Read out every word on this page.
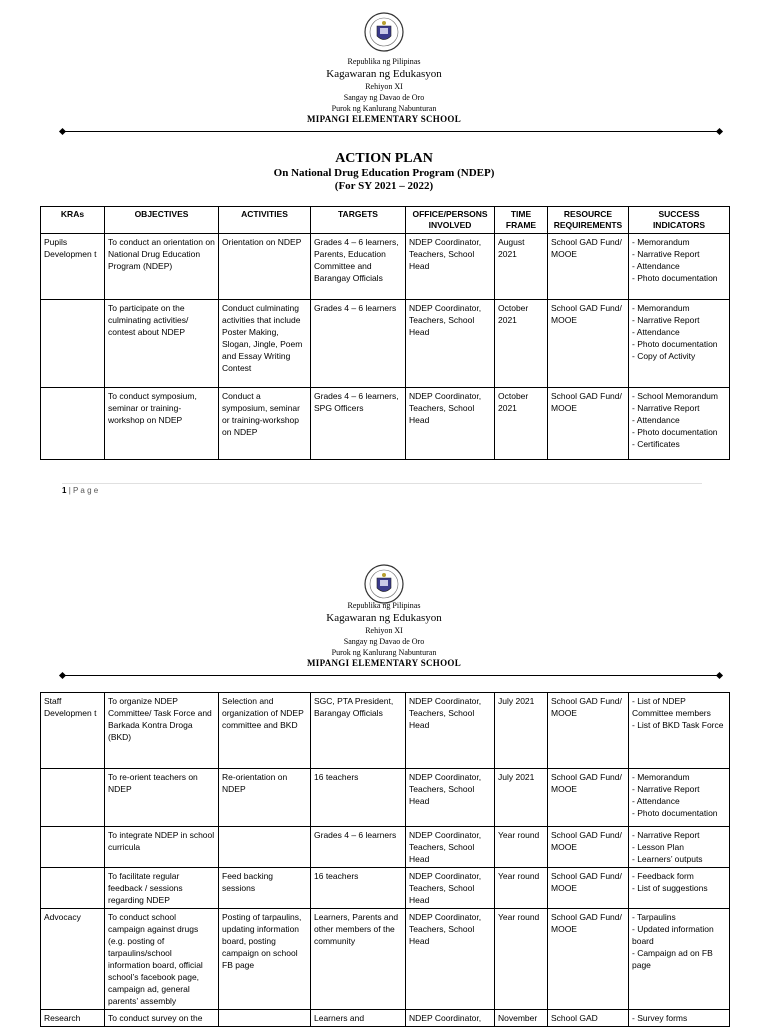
Republika ng Pilipinas
Kagawaran ng Edukasyon
Rehiyon XI
Sangay ng Davao de Oro
Purok ng Kanlurang Nabunturan
MIPANGI ELEMENTARY SCHOOL
ACTION PLAN
On National Drug Education Program (NDEP)
(For SY 2021 – 2022)
KRAs	OBJECTIVES	ACTIVITIES	TARGETS	OFFICE/PERSONS INVOLVED	TIME FRAME	RESOURCE REQUIREMENTS	SUCCESS INDICATORS
Pupils Developmen t	To conduct an orientation on National Drug Education Program (NDEP)	Orientation on NDEP	Grades 4 – 6 learners, Parents, Education Committee and Barangay Officials	NDEP Coordinator, Teachers, School Head	August 2021	School GAD Fund/ MOOE	- Memorandum
- Narrative Report
- Attendance
- Photo documentation
	To participate on the culminating activities/ contest about NDEP	Conduct culminating activities that include Poster Making, Slogan, Jingle, Poem and Essay Writing Contest	Grades 4 – 6 learners	NDEP Coordinator, Teachers, School Head	October 2021	School GAD Fund/ MOOE	- Memorandum
- Narrative Report
- Attendance
- Photo documentation
- Copy of Activity
	To conduct symposium, seminar or training-workshop on NDEP	Conduct a symposium, seminar or training-workshop on NDEP	Grades 4 – 6 learners, SPG Officers	NDEP Coordinator, Teachers, School Head	October 2021	School GAD Fund/ MOOE	- School Memorandum
- Narrative Report
- Attendance
- Photo documentation
- Certificates
1 | P a g e
Republika ng Pilipinas
Kagawaran ng Edukasyon
Rehiyon XI
Sangay ng Davao de Oro
Purok ng Kanlurang Nabunturan
MIPANGI ELEMENTARY SCHOOL
Staff Developmen t	To organize NDEP Committee/ Task Force and Barkada Kontra Droga (BKD)	Selection and organization of NDEP committee and BKD	SGC, PTA President, Barangay Officials	NDEP Coordinator, Teachers, School Head	July 2021	School GAD Fund/ MOOE	- List of NDEP Committee members
- List of BKD Task Force
	To re-orient teachers on NDEP	Re-orientation on NDEP	16 teachers	NDEP Coordinator, Teachers, School Head	July 2021	School GAD Fund/ MOOE	- Memorandum
- Narrative Report
- Attendance
- Photo documentation
	To integrate NDEP in school curricula		Grades 4 – 6 learners	NDEP Coordinator, Teachers, School Head	Year round	School GAD Fund/ MOOE	- Narrative Report
- Lesson Plan
- Learners’ outputs
	To facilitate regular feedback / sessions regarding NDEP	Feed backing sessions	16 teachers	NDEP Coordinator, Teachers, School Head	Year round	School GAD Fund/ MOOE	- Feedback form
- List of suggestions
Advocacy	To conduct school campaign against drugs (e.g. posting of tarpaulins/school information board, official school’s facebook page, campaign ad, general parents’ assembly	Posting of tarpaulins, updating information board, posting campaign on school FB page	Learners, Parents and other members of the community	NDEP Coordinator, Teachers, School Head	Year round	School GAD Fund/ MOOE	- Tarpaulins
- Updated information board
- Campaign ad on FB page
Research	To conduct survey on the		Learners and	NDEP Coordinator,	November	School GAD	- Survey forms
